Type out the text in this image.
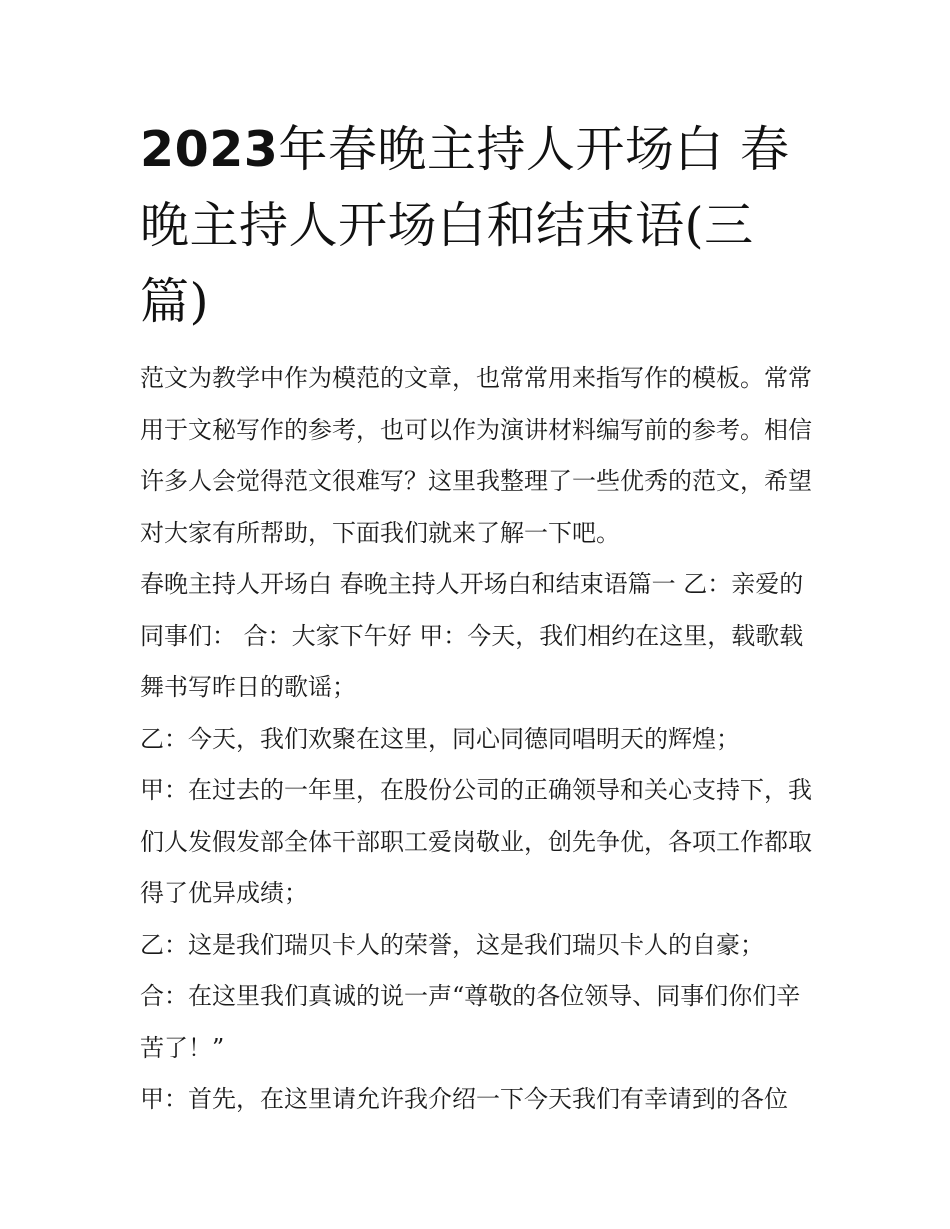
2023年春晚主持人开场白 春晚主持人开场白和结束语(三篇)

范文为教学中作为模范的文章，也常常用来指写作的模板。常常用于文秘写作的参考，也可以作为演讲材料编写前的参考。相信许多人会觉得范文很难写？这里我整理了一些优秀的范文，希望对大家有所帮助，下面我们就来了解一下吧。

春晚主持人开场白 春晚主持人开场白和结束语篇一 乙：亲爱的同事们： 合：大家下午好 甲：今天，我们相约在这里，载歌载舞书写昨日的歌谣；

乙：今天，我们欢聚在这里，同心同德同唱明天的辉煌；

甲：在过去的一年里，在股份公司的正确领导和关心支持下，我们人发假发部全体干部职工爱岗敬业，创先争优，各项工作都取得了优异成绩；

乙：这是我们瑞贝卡人的荣誉，这是我们瑞贝卡人的自豪；

合：在这里我们真诚的说一声“尊敬的各位领导、同事们你们辛苦了！”

甲：首先，在这里请允许我介绍一下今天我们有幸请到的各位
